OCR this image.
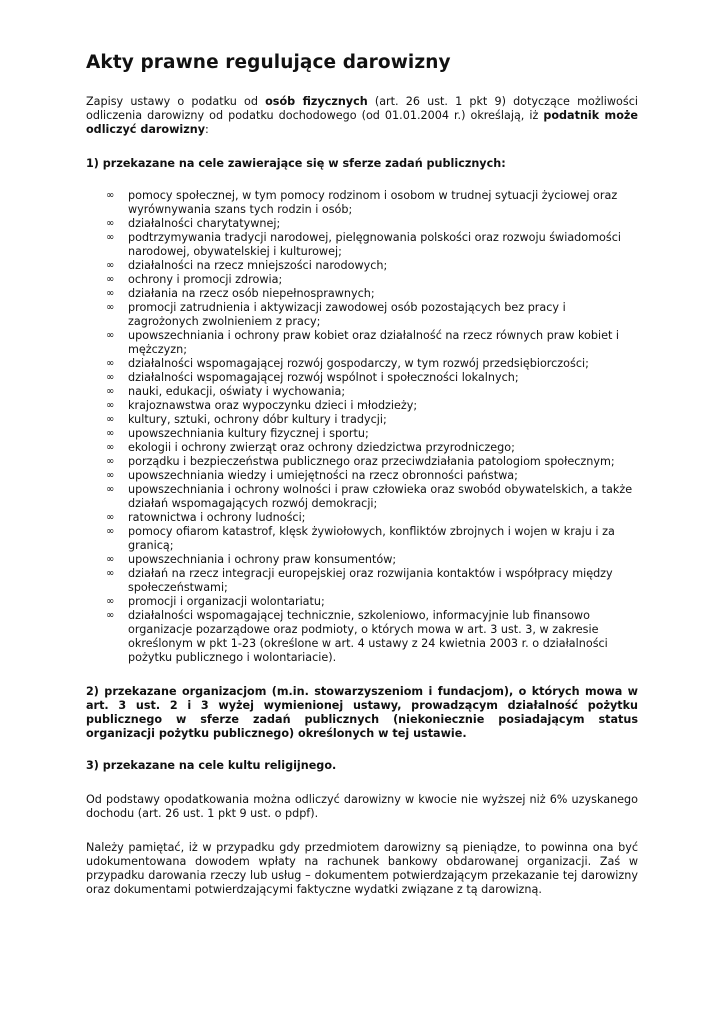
Akty prawne regulujące darowizny

Zapisy ustawy o podatku od osób fizycznych (art. 26 ust. 1 pkt 9) dotyczące możliwości odliczenia darowizny od podatku dochodowego (od 01.01.2004 r.) określają, iż podatnik może odliczyć darowizny:

1) przekazane na cele zawierające się w sferze zadań publicznych:

∞ pomocy społecznej, w tym pomocy rodzinom i osobom w trudnej sytuacji życiowej oraz wyrównywania szans tych rodzin i osób;
∞ działalności charytatywnej;
∞ podtrzymywania tradycji narodowej, pielęgnowania polskości oraz rozwoju świadomości narodowej, obywatelskiej i kulturowej;
∞ działalności na rzecz mniejszości narodowych;
∞ ochrony i promocji zdrowia;
∞ działania na rzecz osób niepełnosprawnych;
∞ promocji zatrudnienia i aktywizacji zawodowej osób pozostających bez pracy i zagrożonych zwolnieniem z pracy;
∞ upowszechniania i ochrony praw kobiet oraz działalność na rzecz równych praw kobiet i mężczyzn;
∞ działalności wspomagającej rozwój gospodarczy, w tym rozwój przedsiębiorczości;
∞ działalności wspomagającej rozwój wspólnot i społeczności lokalnych;
∞ nauki, edukacji, oświaty i wychowania;
∞ krajoznawstwa oraz wypoczynku dzieci i młodzieży;
∞ kultury, sztuki, ochrony dóbr kultury i tradycji;
∞ upowszechniania kultury fizycznej i sportu;
∞ ekologii i ochrony zwierząt oraz ochrony dziedzictwa przyrodniczego;
∞ porządku i bezpieczeństwa publicznego oraz przeciwdziałania patologiom społecznym;
∞ upowszechniania wiedzy i umiejętności na rzecz obronności państwa;
∞ upowszechniania i ochrony wolności i praw człowieka oraz swobód obywatelskich, a także działań wspomagających rozwój demokracji;
∞ ratownictwa i ochrony ludności;
∞ pomocy ofiarom katastrof, klęsk żywiołowych, konfliktów zbrojnych i wojen w kraju i za granicą;
∞ upowszechniania i ochrony praw konsumentów;
∞ działań na rzecz integracji europejskiej oraz rozwijania kontaktów i współpracy między społeczeństwami;
∞ promocji i organizacji wolontariatu;
∞ działalności wspomagającej technicznie, szkoleniowo, informacyjnie lub finansowo organizacje pozarządowe oraz podmioty, o których mowa w art. 3 ust. 3, w zakresie określonym w pkt 1-23 (określone w art. 4 ustawy z 24 kwietnia 2003 r. o działalności pożytku publicznego i wolontariacie).

2) przekazane organizacjom (m.in. stowarzyszeniom i fundacjom), o których mowa w art. 3 ust. 2 i 3 wyżej wymienionej ustawy, prowadzącym działalność pożytku publicznego w sferze zadań publicznych (niekoniecznie posiadającym status organizacji pożytku publicznego) określonych w tej ustawie.

3) przekazane na cele kultu religijnego.

Od podstawy opodatkowania można odliczyć darowizny w kwocie nie wyższej niż 6% uzyskanego dochodu (art. 26 ust. 1 pkt 9 ust. o pdpf).

Należy pamiętać, iż w przypadku gdy przedmiotem darowizny są pieniądze, to powinna ona być udokumentowana dowodem wpłaty na rachunek bankowy obdarowanej organizacji. Zaś w przypadku darowania rzeczy lub usług – dokumentem potwierdzającym przekazanie tej darowizny oraz dokumentami potwierdzającymi faktyczne wydatki związane z tą darowizną.
